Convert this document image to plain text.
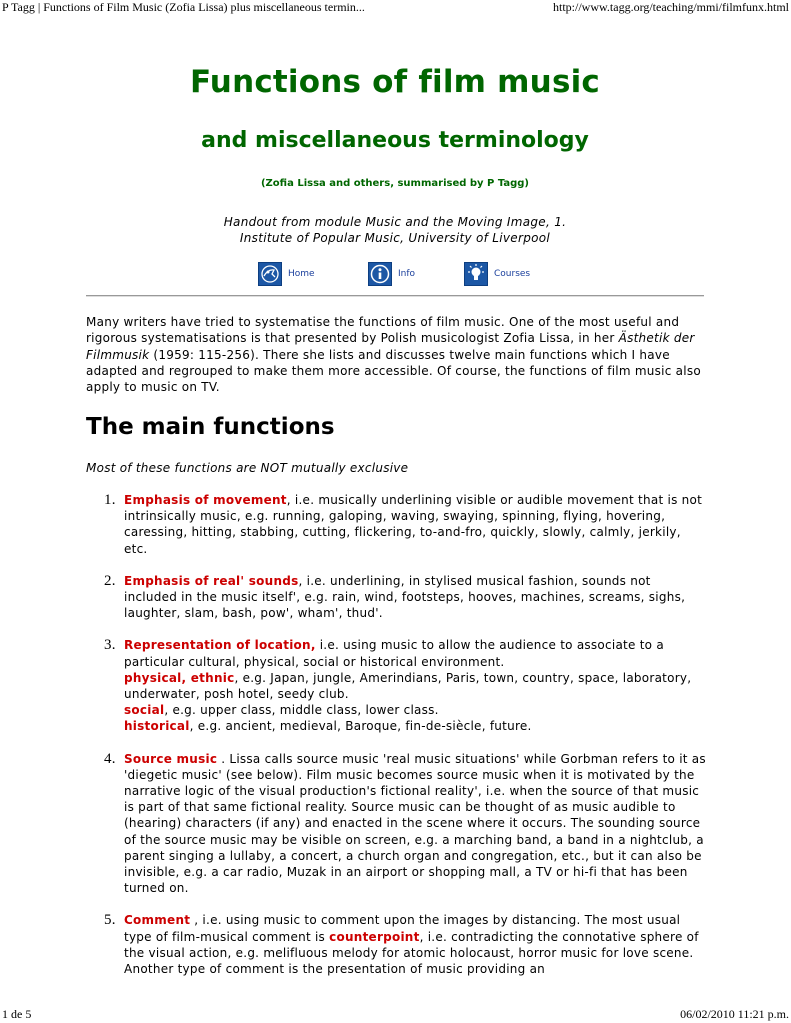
P Tagg | Functions of Film Music (Zofia Lissa) plus miscellaneous termin...	http://www.tagg.org/teaching/mmi/filmfunx.html
Functions of film music
and miscellaneous terminology
(Zofia Lissa and others, summarised by P Tagg)
Handout from module Music and the Moving Image, 1.
Institute of Popular Music, University of Liverpool
Home	Info	Courses

Many writers have tried to systematise the functions of film music. One of the most useful and rigorous systematisations is that presented by Polish musicologist Zofia Lissa, in her Ästhetik der Filmmusik (1959: 115-256). There she lists and discusses twelve main functions which I have adapted and regrouped to make them more accessible. Of course, the functions of film music also apply to music on TV.

The main functions
Most of these functions are NOT mutually exclusive
1. Emphasis of movement, i.e. musically underlining visible or audible movement that is not intrinsically music, e.g. running, galoping, waving, swaying, spinning, flying, hovering, caressing, hitting, stabbing, cutting, flickering, to-and-fro, quickly, slowly, calmly, jerkily, etc.
2. Emphasis of real' sounds, i.e. underlining, in stylised musical fashion, sounds not included in the music itself', e.g. rain, wind, footsteps, hooves, machines, screams, sighs, laughter, slam, bash, pow', wham', thud'.
3. Representation of location, i.e. using music to allow the audience to associate to a particular cultural, physical, social or historical environment.
physical, ethnic, e.g. Japan, jungle, Amerindians, Paris, town, country, space, laboratory, underwater, posh hotel, seedy club.
social, e.g. upper class, middle class, lower class.
historical, e.g. ancient, medieval, Baroque, fin-de-siècle, future.
4. Source music . Lissa calls source music 'real music situations' while Gorbman refers to it as 'diegetic music' (see below). Film music becomes source music when it is motivated by the narrative logic of the visual production's fictional reality', i.e. when the source of that music is part of that same fictional reality. Source music can be thought of as music audible to (hearing) characters (if any) and enacted in the scene where it occurs. The sounding source of the source music may be visible on screen, e.g. a marching band, a band in a nightclub, a parent singing a lullaby, a concert, a church organ and congregation, etc., but it can also be invisible, e.g. a car radio, Muzak in an airport or shopping mall, a TV or hi-fi that has been turned on.
5. Comment , i.e. using music to comment upon the images by distancing. The most usual type of film-musical comment is counterpoint, i.e. contradicting the connotative sphere of the visual action, e.g. melifluous melody for atomic holocaust, horror music for love scene. Another type of comment is the presentation of music providing an
1 de 5	06/02/2010 11:21 p.m.
